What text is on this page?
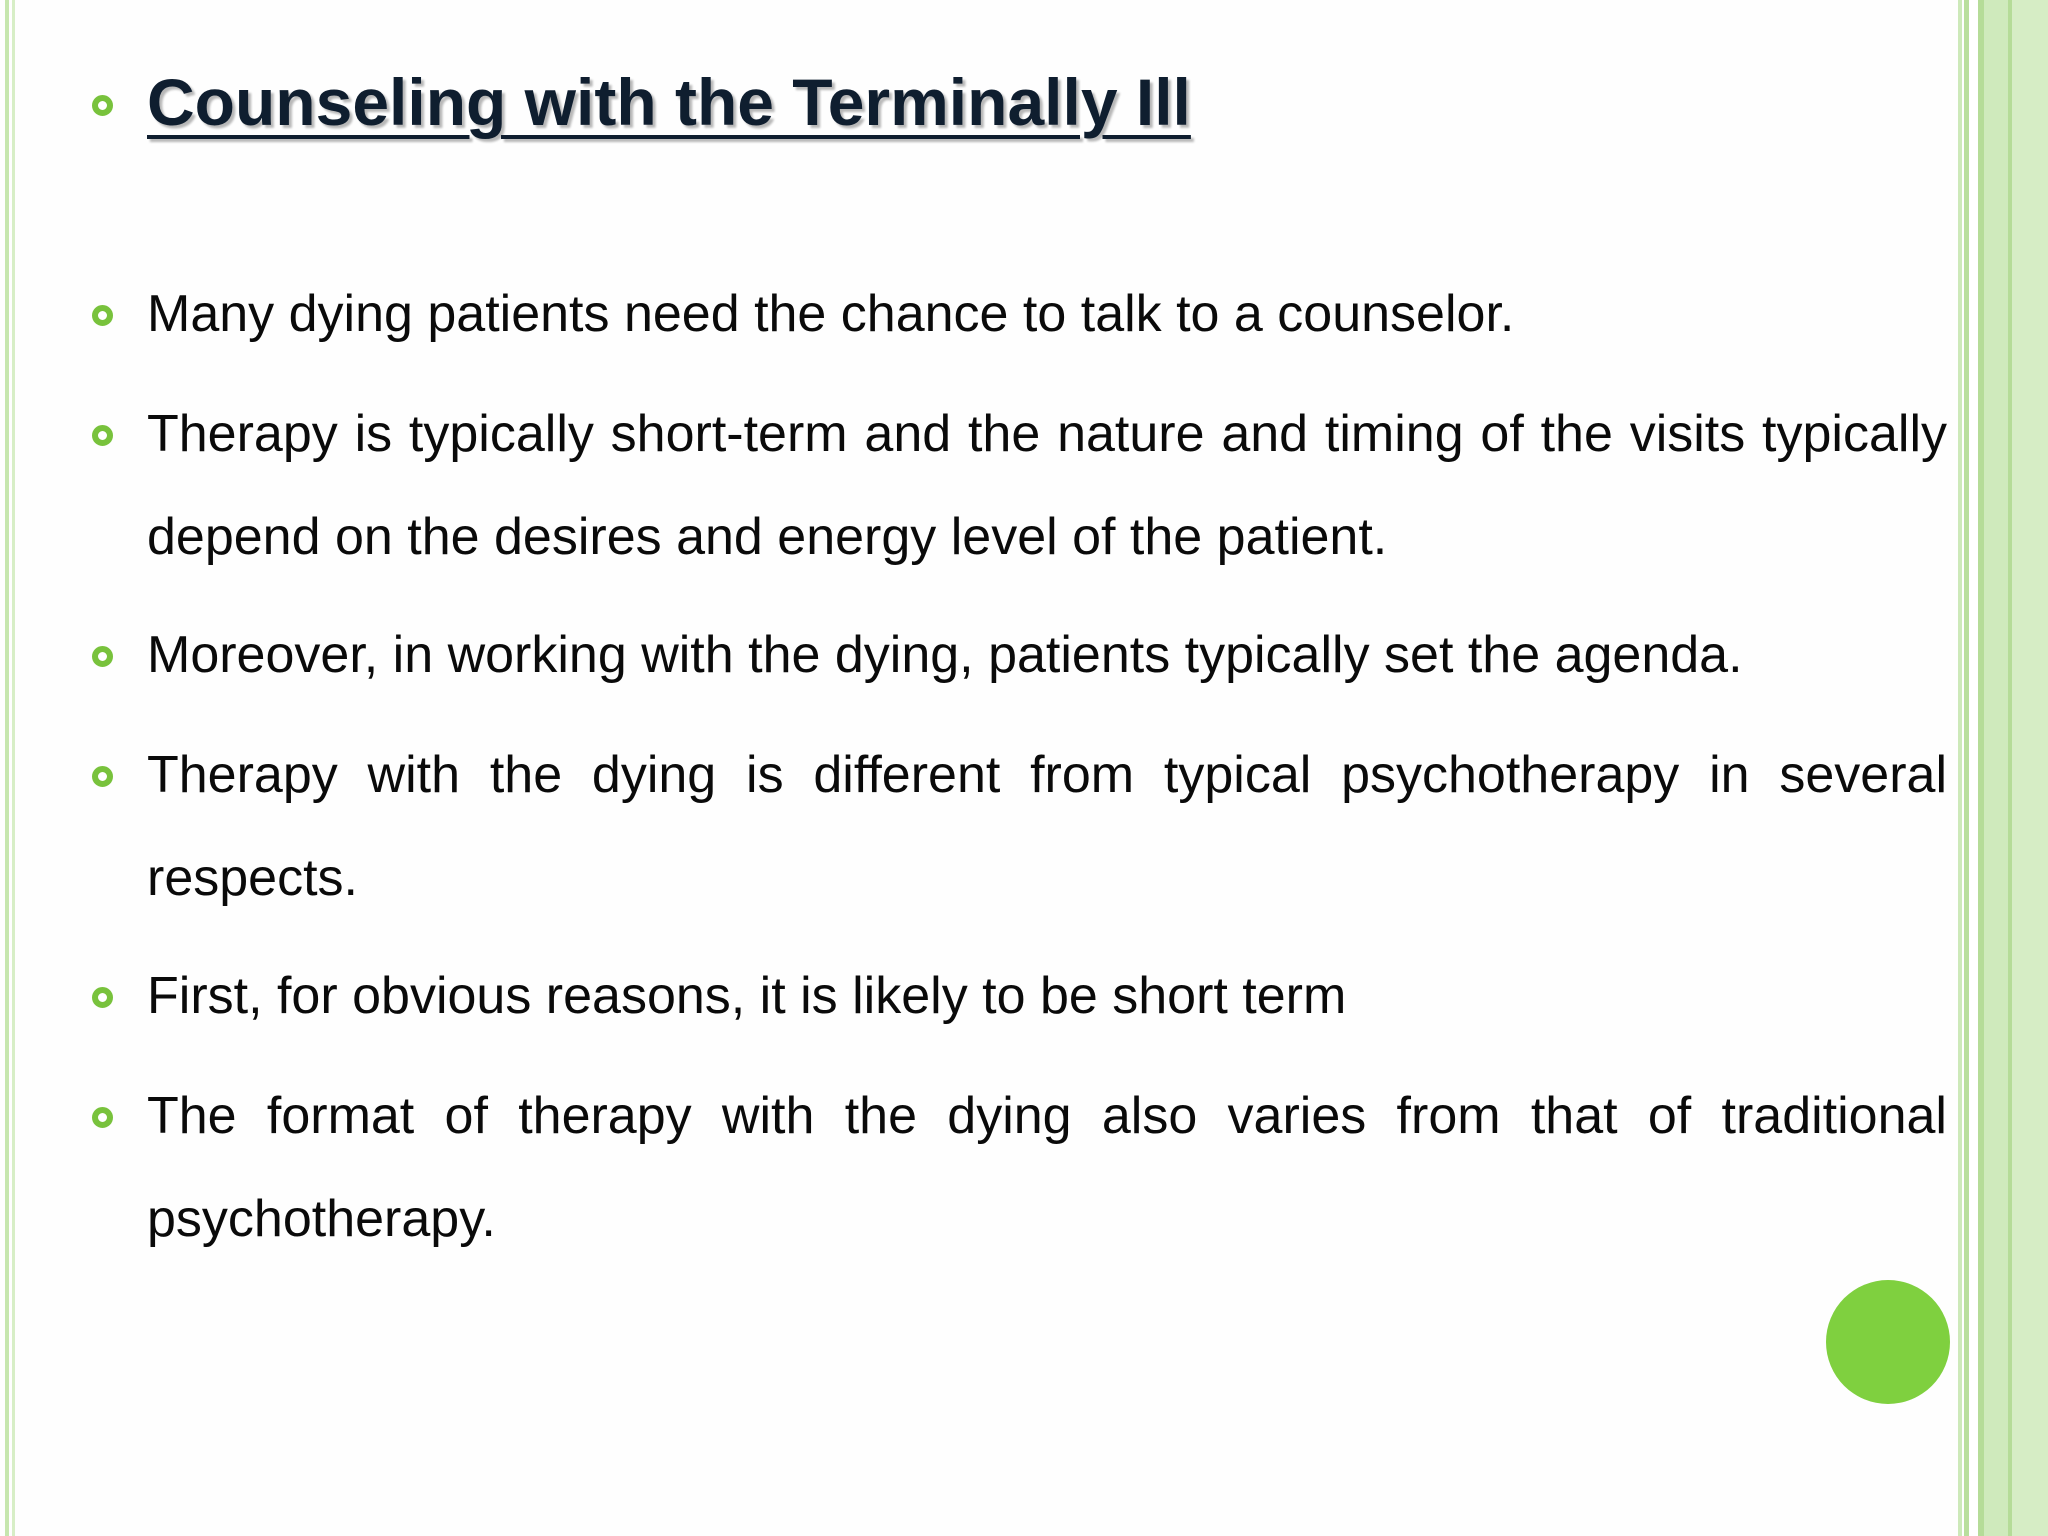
Counseling with the Terminally Ill

Many dying patients need the chance to talk to a counselor.

Therapy is typically short-term and the nature and timing of the visits typically depend on the desires and energy level of the patient.

Moreover, in working with the dying, patients typically set the agenda.

Therapy with the dying is different from typical psychotherapy in several respects.

First, for obvious reasons, it is likely to be short term

The format of therapy with the dying also varies from that of traditional psychotherapy.
